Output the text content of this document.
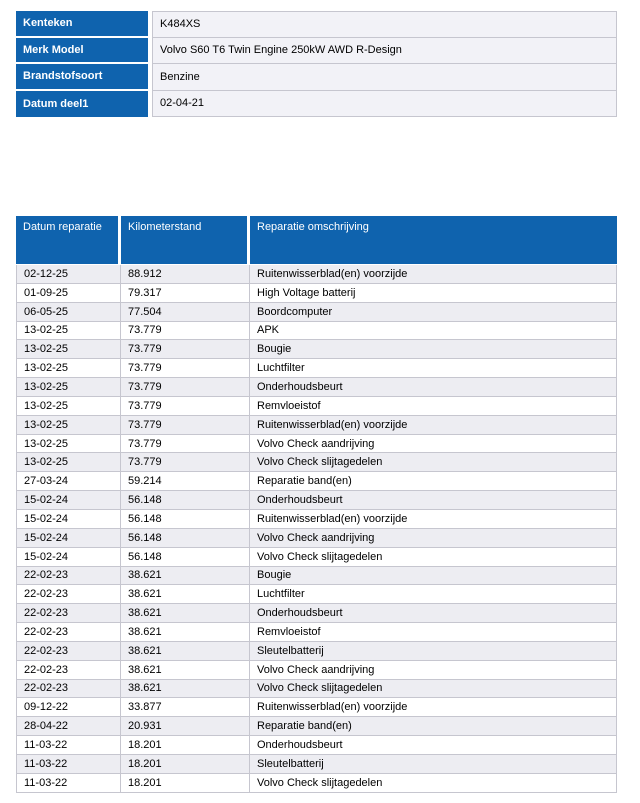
Kenteken	K484XS
Merk Model	Volvo S60 T6 Twin Engine 250kW AWD R-Design
Brandstofsoort	Benzine
Datum deel1	02-04-21
Datum reparatie	Kilometerstand	Reparatie omschrijving
02-12-25	88.912	Ruitenwisserblad(en) voorzijde
01-09-25	79.317	High Voltage batterij
06-05-25	77.504	Boordcomputer
13-02-25	73.779	APK
13-02-25	73.779	Bougie
13-02-25	73.779	Luchtfilter
13-02-25	73.779	Onderhoudsbeurt
13-02-25	73.779	Remvloeistof
13-02-25	73.779	Ruitenwisserblad(en) voorzijde
13-02-25	73.779	Volvo Check aandrijving
13-02-25	73.779	Volvo Check slijtagedelen
27-03-24	59.214	Reparatie band(en)
15-02-24	56.148	Onderhoudsbeurt
15-02-24	56.148	Ruitenwisserblad(en) voorzijde
15-02-24	56.148	Volvo Check aandrijving
15-02-24	56.148	Volvo Check slijtagedelen
22-02-23	38.621	Bougie
22-02-23	38.621	Luchtfilter
22-02-23	38.621	Onderhoudsbeurt
22-02-23	38.621	Remvloeistof
22-02-23	38.621	Sleutelbatterij
22-02-23	38.621	Volvo Check aandrijving
22-02-23	38.621	Volvo Check slijtagedelen
09-12-22	33.877	Ruitenwisserblad(en) voorzijde
28-04-22	20.931	Reparatie band(en)
11-03-22	18.201	Onderhoudsbeurt
11-03-22	18.201	Sleutelbatterij
11-03-22	18.201	Volvo Check slijtagedelen
